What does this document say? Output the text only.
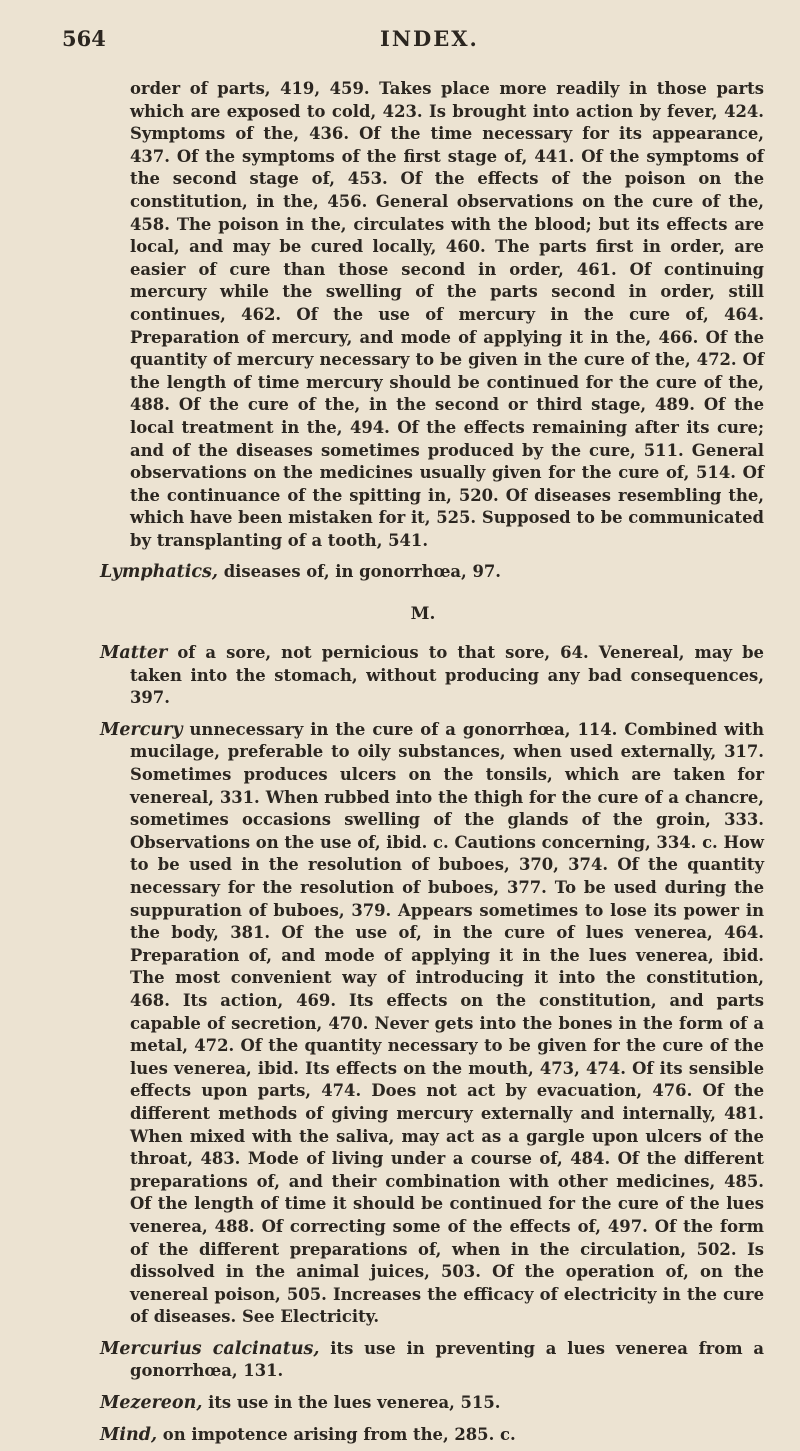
564	INDEX.

order of parts, 419, 459. Takes place more readily in those parts which are exposed to cold, 423. Is brought into action by fever, 424. Symptoms of the, 436. Of the time necessary for its appearance, 437. Of the symptoms of the first stage of, 441. Of the symptoms of the second stage of, 453. Of the effects of the poison on the constitution, in the, 456. General observations on the cure of the, 458. The poison in the, circulates with the blood; but its effects are local, and may be cured locally, 460. The parts first in order, are easier of cure than those second in order, 461. Of continuing mercury while the swelling of the parts second in order, still continues, 462. Of the use of mercury in the cure of, 464. Preparation of mercury, and mode of applying it in the, 466. Of the quantity of mercury necessary to be given in the cure of the, 472. Of the length of time mercury should be continued for the cure of the, 488. Of the cure of the, in the second or third stage, 489. Of the local treatment in the, 494. Of the effects remaining after its cure; and of the diseases sometimes produced by the cure, 511. General observations on the medicines usually given for the cure of, 514. Of the continuance of the spitting in, 520. Of diseases resembling the, which have been mistaken for it, 525. Supposed to be communicated by transplanting of a tooth, 541.

Lymphatics, diseases of, in gonorrhœa, 97.

M.

Matter of a sore, not pernicious to that sore, 64. Venereal, may be taken into the stomach, without producing any bad consequences, 397.

Mercury unnecessary in the cure of a gonorrhœa, 114. Combined with mucilage, preferable to oily substances, when used externally, 317. Sometimes produces ulcers on the tonsils, which are taken for venereal, 331. When rubbed into the thigh for the cure of a chancre, sometimes occasions swelling of the glands of the groin, 333. Observations on the use of, ibid. c. Cautions concerning, 334. c. How to be used in the resolution of buboes, 370, 374. Of the quantity necessary for the resolution of buboes, 377. To be used during the suppuration of buboes, 379. Appears sometimes to lose its power in the body, 381. Of the use of, in the cure of lues venerea, 464. Preparation of, and mode of applying it in the lues venerea, ibid. The most convenient way of introducing it into the constitution, 468. Its action, 469. Its effects on the constitution, and parts capable of secretion, 470. Never gets into the bones in the form of a metal, 472. Of the quantity necessary to be given for the cure of the lues venerea, ibid. Its effects on the mouth, 473, 474. Of its sensible effects upon parts, 474. Does not act by evacuation, 476. Of the different methods of giving mercury externally and internally, 481. When mixed with the saliva, may act as a gargle upon ulcers of the throat, 483. Mode of living under a course of, 484. Of the different preparations of, and their combination with other medicines, 485. Of the length of time it should be continued for the cure of the lues venerea, 488. Of correcting some of the effects of, 497. Of the form of the different preparations of, when in the circulation, 502. Is dissolved in the animal juices, 503. Of the operation of, on the venereal poison, 505. Increases the efficacy of electricity in the cure of diseases. See Electricity.

Mercurius calcinatus, its use in preventing a lues venerea from a gonorrhœa, 131.

Mezereon, its use in the lues venerea, 515.

Mind, on impotence arising from the, 285. c.
